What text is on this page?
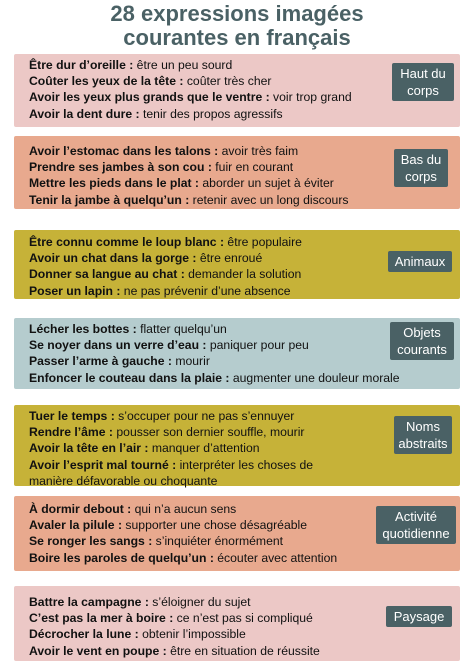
28 expressions imagées
courantes en français
Être dur d’oreille : être un peu sourd
Coûter les yeux de la tête : coûter très cher
Avoir les yeux plus grands que le ventre : voir trop grand
Avoir la dent dure : tenir des propos agressifs
Haut du
corps
Avoir l’estomac dans les talons : avoir très faim
Prendre ses jambes à son cou : fuir en courant
Mettre les pieds dans le plat : aborder un sujet à éviter
Tenir la jambe à quelqu’un : retenir avec un long discours
Bas du
corps
Être connu comme le loup blanc : être populaire
Avoir un chat dans la gorge : être enroué
Donner sa langue au chat : demander la solution
Poser un lapin : ne pas prévenir d’une absence
Animaux
Lécher les bottes : flatter quelqu’un
Se noyer dans un verre d’eau : paniquer pour peu
Passer l’arme à gauche : mourir
Enfoncer le couteau dans la plaie : augmenter une douleur morale
Objets
courants
Tuer le temps : s’occuper pour ne pas s’ennuyer
Rendre l’âme : pousser son dernier souffle, mourir
Avoir la tête en l’air : manquer d’attention
Avoir l’esprit mal tourné : interpréter les choses de
manière défavorable ou choquante
Noms
abstraits
À dormir debout : qui n’a aucun sens
Avaler la pilule : supporter une chose désagréable
Se ronger les sangs : s’inquiéter énormément
Boire les paroles de quelqu’un : écouter avec attention
Activité
quotidienne
Battre la campagne : s’éloigner du sujet
C’est pas la mer à boire : ce n’est pas si compliqué
Décrocher la lune : obtenir l’impossible
Avoir le vent en poupe : être en situation de réussite
Paysage
